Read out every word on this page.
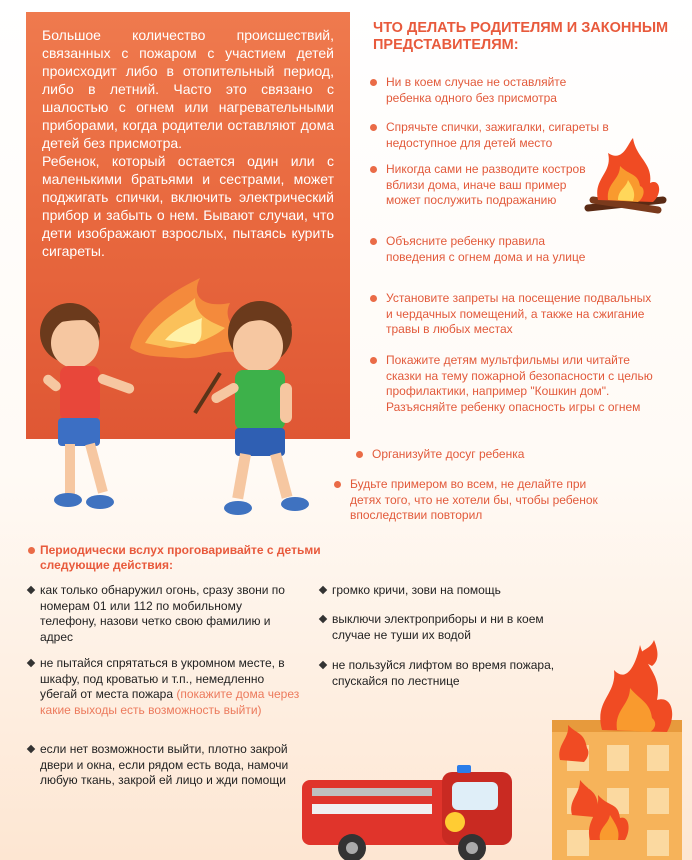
Большое количество происшествий, связанных с пожаром с участием детей происходит либо в отопительный период, либо в летний. Часто это связано с шалостью с огнем или нагревательными приборами, когда родители оставляют дома детей без присмотра.

Ребенок, который остается один или с маленькими братьями и сестрами, может поджигать спички, включить электрический прибор и забыть о нем. Бывают случаи, что дети изображают взрослых, пытаясь курить сигареты.

ЧТО ДЕЛАТЬ РОДИТЕЛЯМ И ЗАКОННЫМ ПРЕДСТАВИТЕЛЯМ:
Ни в коем случае не оставляйте ребенка одного без присмотра
Спрячьте спички, зажигалки, сигареты в недоступное для детей место
Никогда сами не разводите костров вблизи дома, иначе ваш пример может послужить подражанию
Объясните ребенку правила поведения с огнем дома и на улице
Установите запреты на посещение подвальных и чердачных помещений, а также на сжигание травы в любых местах
Покажите детям мультфильмы или читайте сказки на тему пожарной безопасности с целью профилактики, например "Кошкин дом". Разъясняйте ребенку опасность игры с огнем
Организуйте досуг ребенка
Будьте примером во всем, не делайте при детях того, что не хотели бы, чтобы ребенок впоследствии повторил
Периодически вслух проговаривайте с детьми следующие действия:
как только обнаружил огонь, сразу звони по номерам 01 или 112 по мобильному телефону, назови четко свою фамилию и адрес
не пытайся спрятаться в укромном месте, в шкафу, под кроватью и т.п., немедленно убегай от места пожара (покажите дома через какие выходы есть возможность выйти)
если нет возможности выйти, плотно закрой двери и окна, если рядом есть вода, намочи любую ткань, закрой ей лицо и жди помощи
громко кричи, зови на помощь
выключи электроприборы и ни в коем случае не туши их водой
не пользуйся лифтом во время пожара, спускайся по лестнице
